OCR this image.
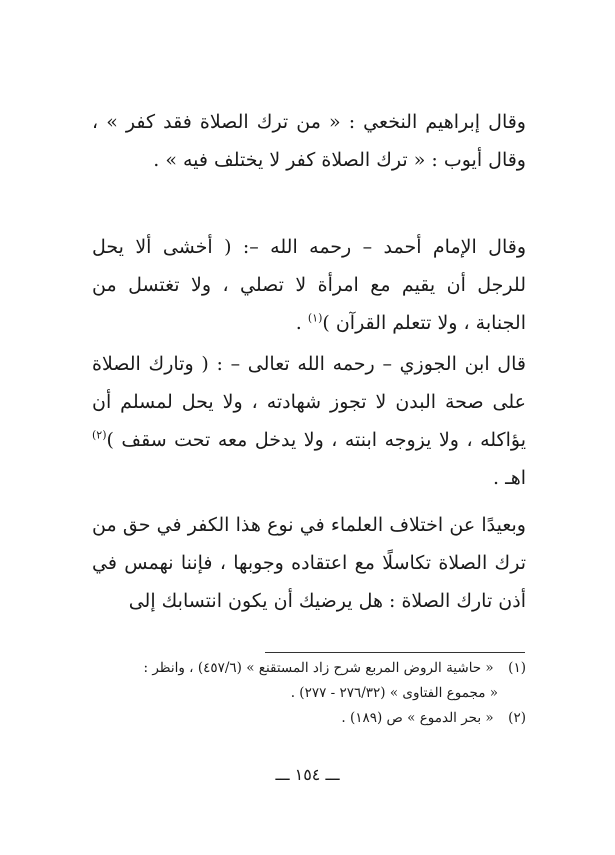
وقال إبراهيم النخعي : « من ترك الصلاة فقد كفر » ، وقال أيوب : « ترك الصلاة كفر لا يختلف فيه » .

وقال الإمام أحمد – رحمه الله –: ( أخشى ألا يحل للرجل أن يقيم مع امرأة لا تصلي ، ولا تغتسل من الجنابة ، ولا تتعلم القرآن )$^{(١)}$ .

قال ابن الجوزي – رحمه الله تعالى – : ( وتارك الصلاة على صحة البدن لا تجوز شهادته ، ولا يحل لمسلم أن يؤاكله ، ولا يزوجه ابنته ، ولا يدخل معه تحت سقف )$^{(٢)}$ اهـ .

وبعيدًا عن اختلاف العلماء في نوع هذا الكفر في حق من ترك الصلاة تكاسلًا مع اعتقاده وجوبها ، فإننا نهمس في أذن تارك الصلاة : هل يرضيك أن يكون انتسابك إلى

(١) « حاشية الروض المربع شرح زاد المستقنع » (٤٥٧/٦) ، وانظر :

« مجموع الفتاوى » (٢٧٦/٣٢ - ٢٧٧) .

(٢) « بحر الدموع » ص (١٨٩) .

ـــ ١٥٤ ـــ
